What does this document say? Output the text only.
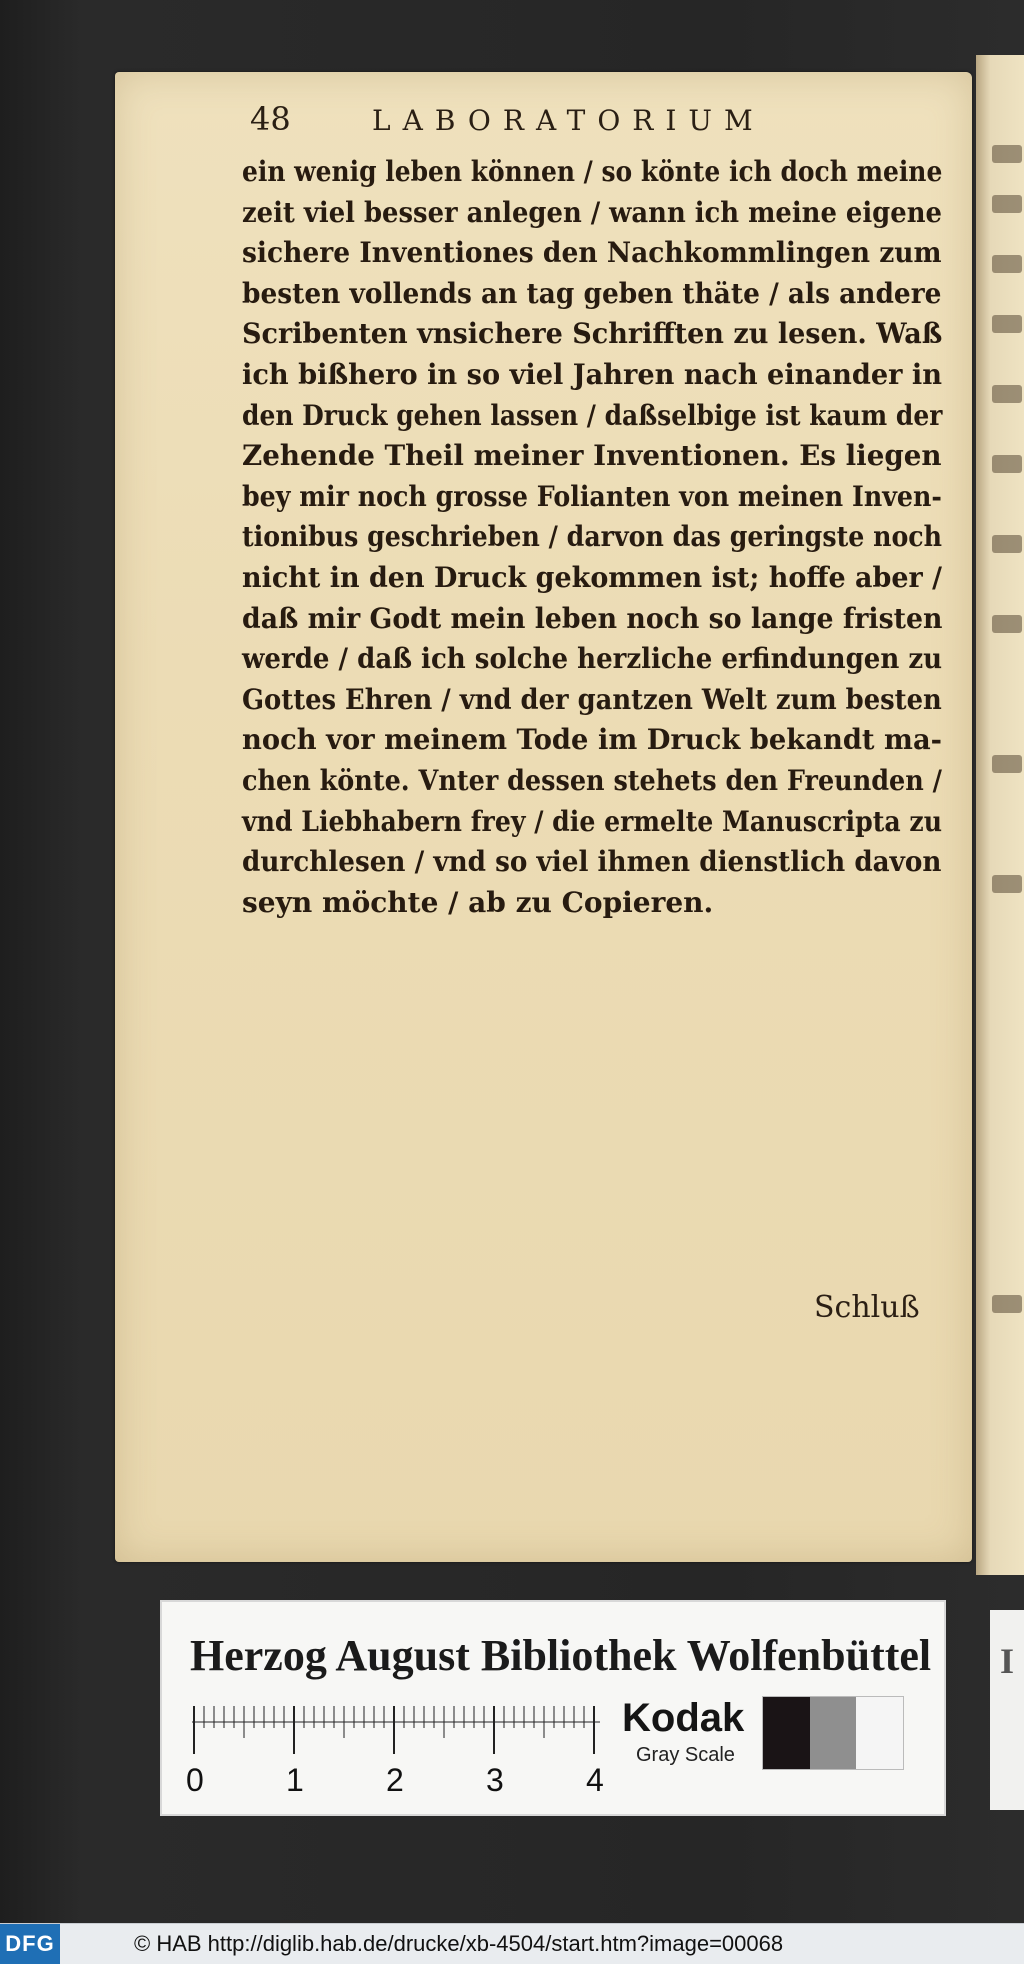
48	LABORATORIUM
ein wenig leben können / so könte ich doch meine
zeit viel besser anlegen / wann ich meine eigene
sichere Inventiones den Nachkommlingen zum
besten vollends an tag geben thäte / als andere
Scribenten vnsichere Schrifften zu lesen. Waß
ich bißhero in so viel Jahren nach einander in
den Druck gehen lassen / daßselbige ist kaum der
Zehende Theil meiner Inventionen. Es liegen
bey mir noch grosse Folianten von meinen Inven-
tionibus geschrieben / darvon das geringste noch
nicht in den Druck gekommen ist; hoffe aber /
daß mir Godt mein leben noch so lange fristen
werde / daß ich solche herzliche erfindungen zu
Gottes Ehren / vnd der gantzen Welt zum besten
noch vor meinem Tode im Druck bekandt ma-
chen könte. Vnter dessen stehets den Freunden /
vnd Liebhabern frey / die ermelte Manuscripta zu
durchlesen / vnd so viel ihmen dienstlich davon
seyn möchte / ab zu Copieren.
Schluß
Herzog August Bibliothek Wolfenbüttel
0	1	2	3	4
Kodak
Gray Scale
I
DFG	© HAB http://diglib.hab.de/drucke/xb-4504/start.htm?image=00068
